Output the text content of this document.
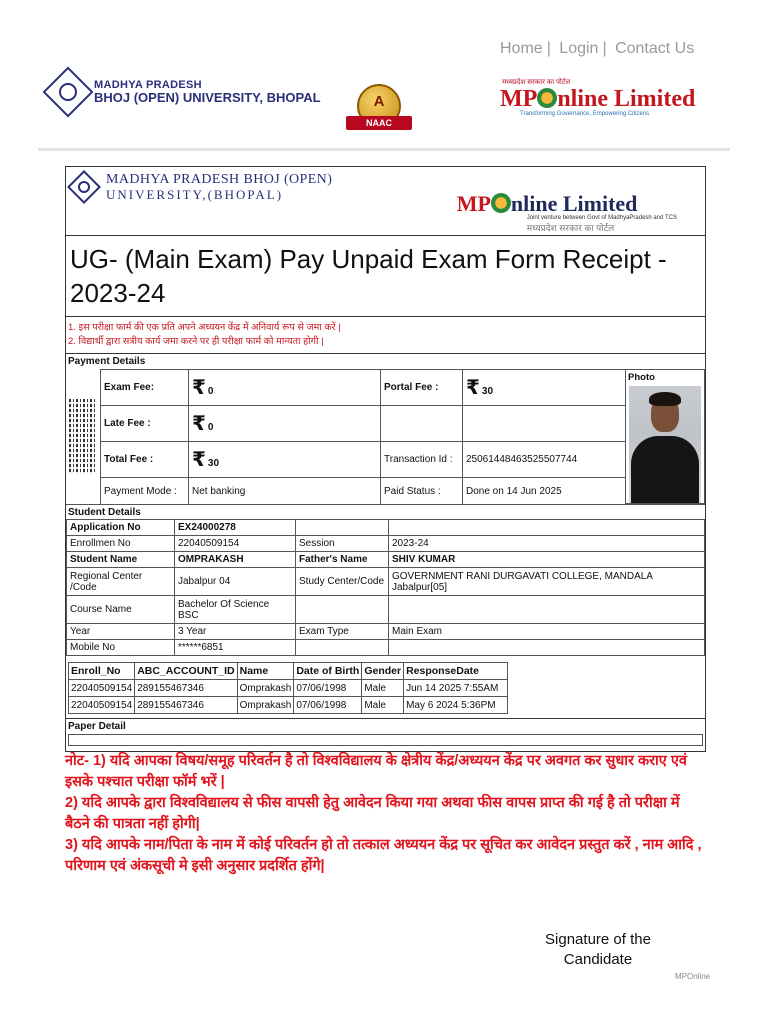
Home | Login | Contact Us
MADHYA PRADESH
BHOJ (OPEN) UNIVERSITY, BHOPAL	A
NAAC
मध्यप्रदेश सरकार का पोर्टल
MP nline Limited
Transforming Governance, Empowering Citizens
MADHYA PRADESH BHOJ (OPEN)
UNIVERSITY,(BHOPAL)	MP nline Limited
Joint venture between Govt of MadhyaPradesh and TCS
मध्यप्रदेश सरकार का पोर्टल
UG- (Main Exam) Pay Unpaid Exam Form Receipt - 2023-24
1. इस परीक्षा फार्म की एक प्रति अपने अध्ययन केंद्र में अनिवार्य रूप से जमा करें |
2. विद्यार्थी द्वारा सत्रीय कार्य जमा करने पर ही परीक्षा फार्म को मान्यता होगी |
Payment Details
Exam Fee:	₹ 0	Portal Fee :	₹ 30
Late Fee :	₹ 0		
Total Fee :	₹ 30	Transaction Id :	250614484635255077​44
Payment Mode :	Net banking	Paid Status :	Done on 14 Jun 2025
Photo
Student Details
Application No	EX24000278		
Enrollmen No	22040509154	Session	2023-24
Student Name	OMPRAKASH	Father's Name	SHIV KUMAR
Regional Center /Code	Jabalpur 04	Study Center/Code	GOVERNMENT RANI DURGAVATI COLLEGE, MANDALA Jabalpur[05]
Course Name	Bachelor Of Science BSC		
Year	3 Year	Exam Type	Main Exam
Mobile No	******6851		
Enroll_No	ABC_ACCOUNT_ID	Name	Date of Birth	Gender	ResponseDate
22040509154	289155467346	Omprakash	07/06/1998	Male	Jun 14 2025 7:55AM
22040509154	289155467346	Omprakash	07/06/1998	Male	May 6 2024 5:36PM
Paper Detail
नोट- 1) यदि आपका विषय/समूह परिवर्तन है तो विश्वविद्यालय के क्षेत्रीय केंद्र/अध्ययन केंद्र पर अवगत कर सुधार कराए एवं इसके पश्चात परीक्षा फॉर्म भरें |
2) यदि आपके द्वारा विश्वविद्यालय से फीस वापसी हेतु आवेदन किया गया अथवा फीस वापस प्राप्त की गई है तो परीक्षा में बैठने की पात्रता नहीं होगी|
3) यदि आपके नाम/पिता के नाम में कोई परिवर्तन हो तो तत्काल अध्ययन केंद्र पर सूचित कर आवेदन प्रस्तुत करें , नाम आदि , परिणाम एवं अंकसूची मे इसी अनुसार प्रदर्शित होंगे|
Signature of the Candidate
MPOnline
